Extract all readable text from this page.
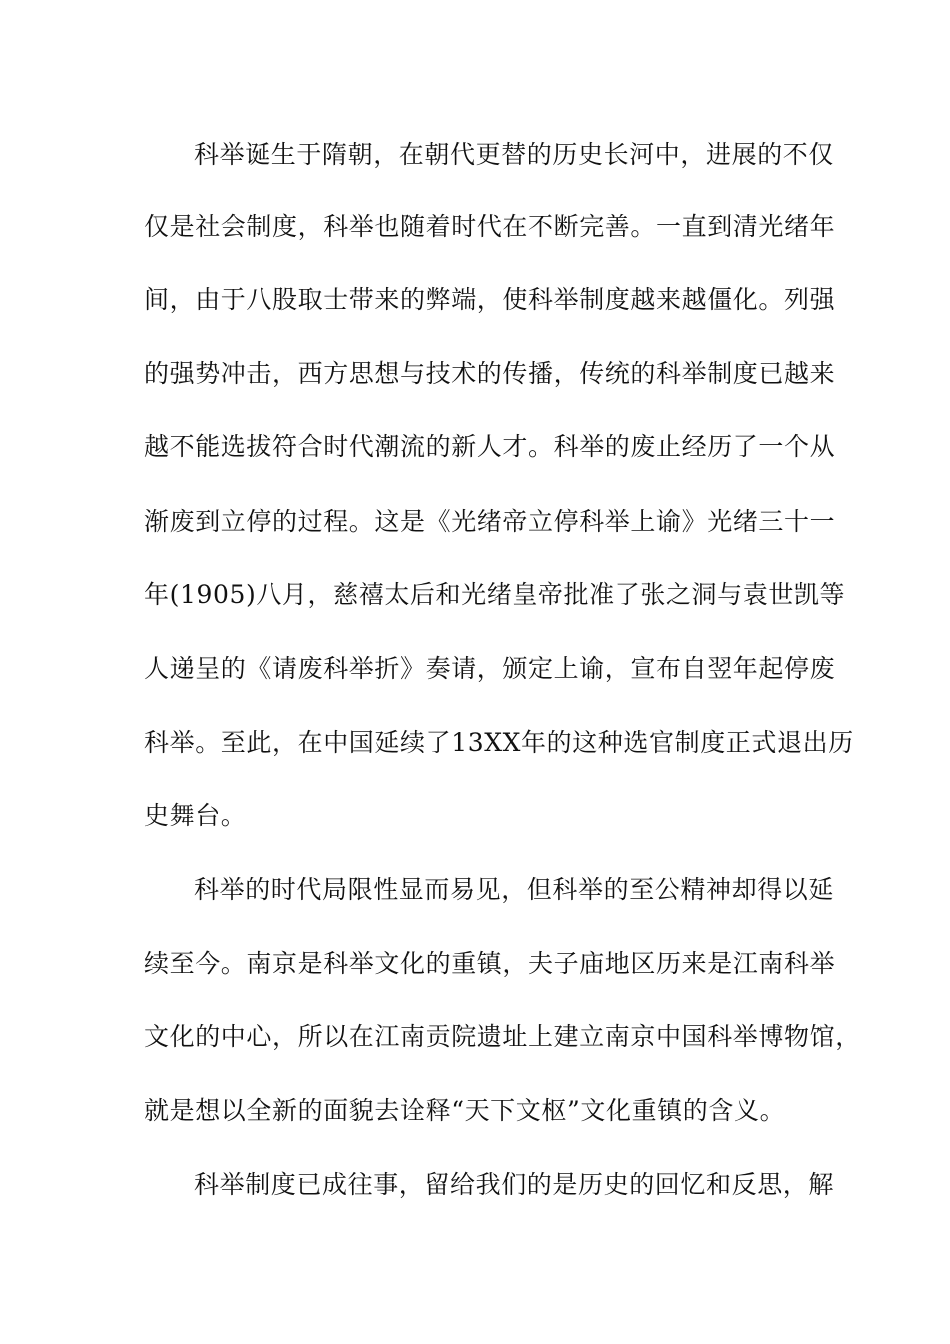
科举诞生于隋朝，在朝代更替的历史长河中，进展的不仅
仅是社会制度，科举也随着时代在不断完善。一直到清光绪年
间，由于八股取士带来的弊端，使科举制度越来越僵化。列强
的强势冲击，西方思想与技术的传播，传统的科举制度已越来
越不能选拔符合时代潮流的新人才。科举的废止经历了一个从
渐废到立停的过程。这是《光绪帝立停科举上谕》光绪三十一
年(1905)八月，慈禧太后和光绪皇帝批准了张之洞与袁世凯等
人递呈的《请废科举折》奏请，颁定上谕，宣布自翌年起停废
科举。至此，在中国延续了13XX年的这种选官制度正式退出历
史舞台。
科举的时代局限性显而易见，但科举的至公精神却得以延
续至今。南京是科举文化的重镇，夫子庙地区历来是江南科举
文化的中心，所以在江南贡院遗址上建立南京中国科举博物馆，
就是想以全新的面貌去诠释“天下文枢”文化重镇的含义。
科举制度已成往事，留给我们的是历史的回忆和反思，解
